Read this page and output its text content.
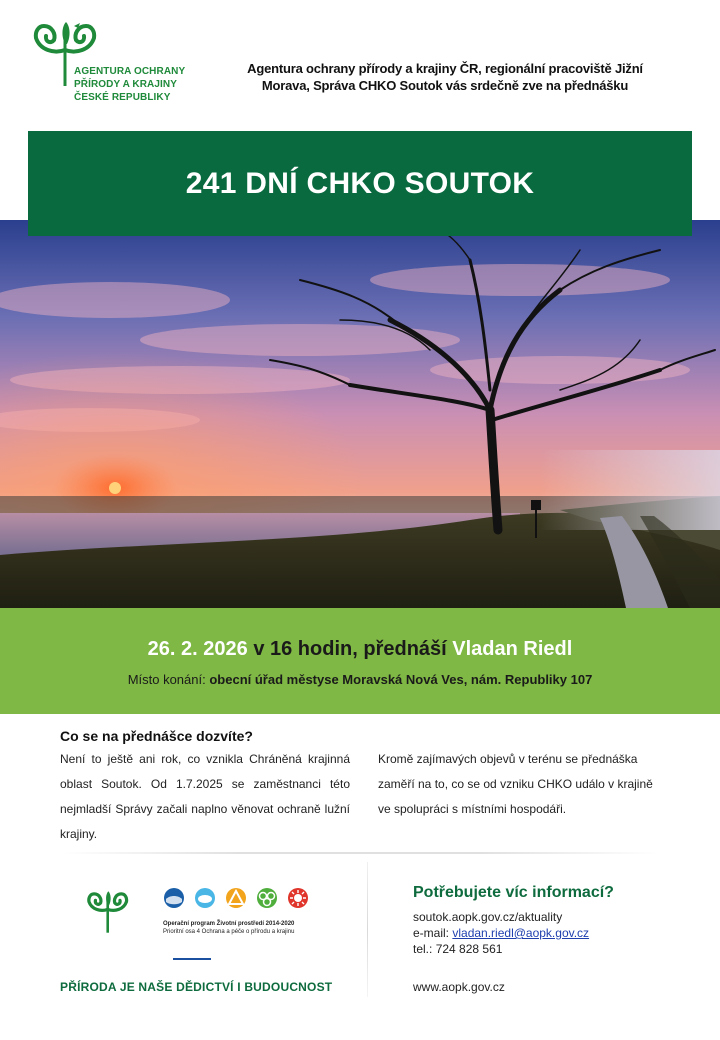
AGENTURA OCHRANY
PŘÍRODY A KRAJINY
ČESKÉ REPUBLIKY
Agentura ochrany přírody a krajiny ČR, regionální pracoviště Jižní Morava, Správa CHKO Soutok vás srdečně zve na přednášku
241 DNÍ CHKO SOUTOK
26. 2. 2026 v 16 hodin, přednáší Vladan Riedl
Místo konání: obecní úřad městyse Moravská Nová Ves, nám. Republiky 107
Co se na přednášce dozvíte?
Není to ještě ani rok, co vznikla Chráněná krajinná oblast Soutok. Od 1.7.2025 se zaměstnanci této nejmladší Správy začali naplno věnovat ochraně lužní krajiny.
Kromě zajímavých objevů v terénu se přednáška zaměří na to, co se od vzniku CHKO událo v krajině ve spolupráci s místními hospodáři.
Operační program Životní prostředí 2014-2020
Prioritní osa 4 Ochrana a péče o přírodu a krajinu
PŘÍRODA JE NAŠE DĚDICTVÍ I BUDOUCNOST
Potřebujete víc informací?
soutok.aopk.gov.cz/aktuality
e-mail: vladan.riedl@aopk.gov.cz
tel.: 724 828 561
www.aopk.gov.cz
